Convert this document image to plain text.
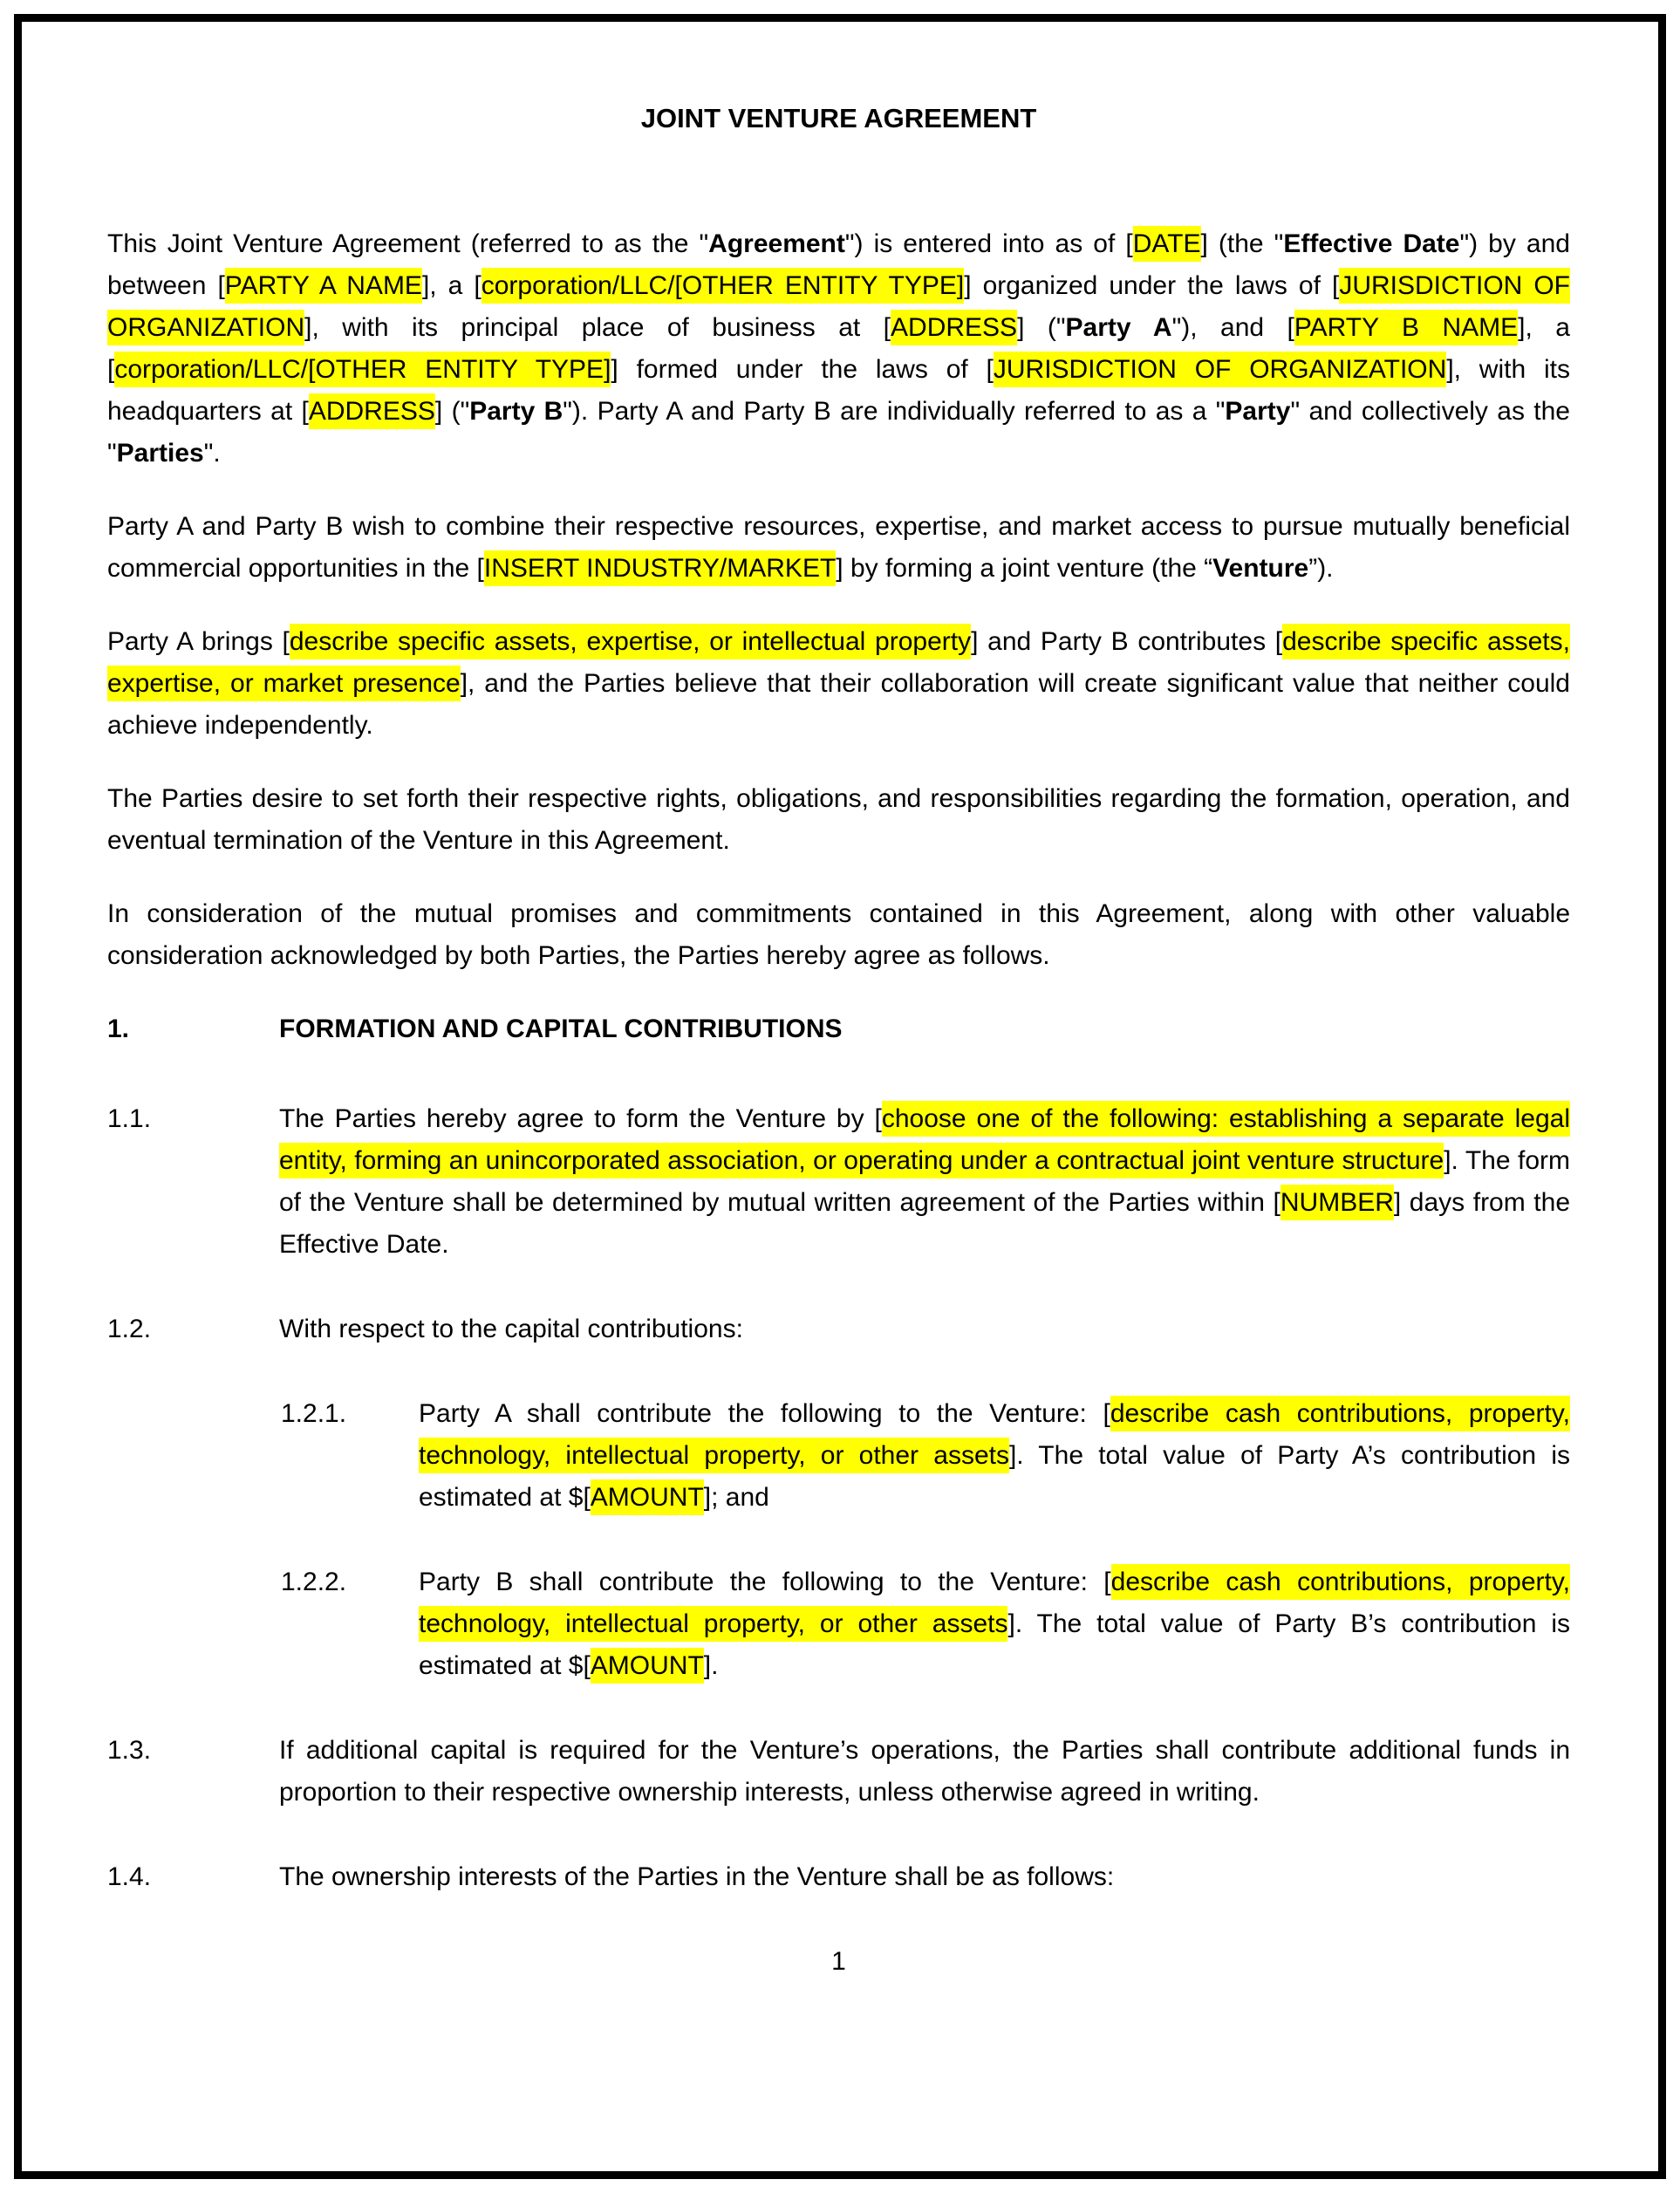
JOINT VENTURE AGREEMENT
This Joint Venture Agreement (referred to as the "Agreement") is entered into as of [DATE] (the "Effective Date") by and between [PARTY A NAME], a [corporation/LLC/[OTHER ENTITY TYPE]] organized under the laws of [JURISDICTION OF ORGANIZATION], with its principal place of business at [ADDRESS] ("Party A"), and [PARTY B NAME], a [corporation/LLC/[OTHER ENTITY TYPE]] formed under the laws of [JURISDICTION OF ORGANIZATION], with its headquarters at [ADDRESS] ("Party B"). Party A and Party B are individually referred to as a "Party" and collectively as the "Parties".
Party A and Party B wish to combine their respective resources, expertise, and market access to pursue mutually beneficial commercial opportunities in the [INSERT INDUSTRY/MARKET] by forming a joint venture (the “Venture”).
Party A brings [describe specific assets, expertise, or intellectual property] and Party B contributes [describe specific assets, expertise, or market presence], and the Parties believe that their collaboration will create significant value that neither could achieve independently.
The Parties desire to set forth their respective rights, obligations, and responsibilities regarding the formation, operation, and eventual termination of the Venture in this Agreement.
In consideration of the mutual promises and commitments contained in this Agreement, along with other valuable consideration acknowledged by both Parties, the Parties hereby agree as follows.
1.	FORMATION AND CAPITAL CONTRIBUTIONS
1.1.	The Parties hereby agree to form the Venture by [choose one of the following: establishing a separate legal entity, forming an unincorporated association, or operating under a contractual joint venture structure]. The form of the Venture shall be determined by mutual written agreement of the Parties within [NUMBER] days from the Effective Date.
1.2.	With respect to the capital contributions:
1.2.1.	Party A shall contribute the following to the Venture: [describe cash contributions, property, technology, intellectual property, or other assets]. The total value of Party A’s contribution is estimated at $[AMOUNT]; and
1.2.2.	Party B shall contribute the following to the Venture: [describe cash contributions, property, technology, intellectual property, or other assets]. The total value of Party B’s contribution is estimated at $[AMOUNT].
1.3.	If additional capital is required for the Venture’s operations, the Parties shall contribute additional funds in proportion to their respective ownership interests, unless otherwise agreed in writing.
1.4.	The ownership interests of the Parties in the Venture shall be as follows:
1
